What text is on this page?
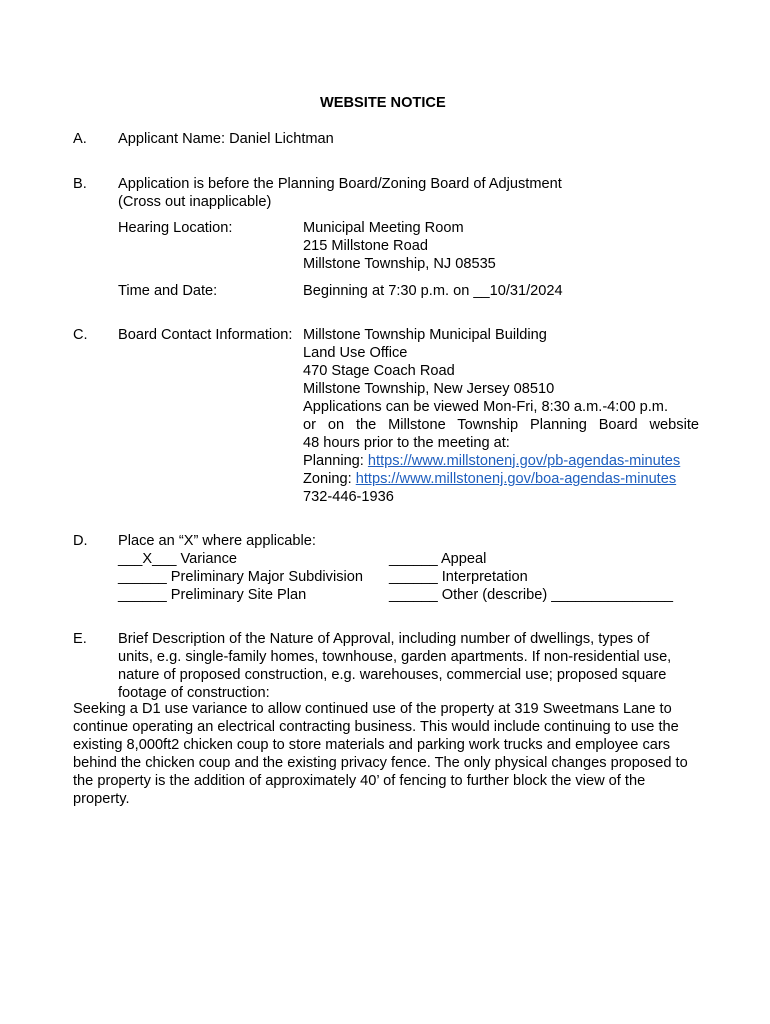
WEBSITE NOTICE
A. Applicant Name: Daniel Lichtman
B. Application is before the Planning Board/Zoning Board of Adjustment
(Cross out inapplicable)
Hearing Location:	Municipal Meeting Room
215 Millstone Road
Millstone Township, NJ 08535
Time and Date:	Beginning at 7:30 p.m. on __10/31/2024
C. Board Contact Information: Millstone Township Municipal Building
Land Use Office
470 Stage Coach Road
Millstone Township, New Jersey 08510
Applications can be viewed Mon-Fri, 8:30 a.m.-4:00 p.m.
or on the Millstone Township Planning Board website
48 hours prior to the meeting at:
Planning: https://www.millstonenj.gov/pb-agendas-minutes
Zoning: https://www.millstonenj.gov/boa-agendas-minutes
732-446-1936
D. Place an “X” where applicable:
___X___ Variance
______ Preliminary Major Subdivision
______ Preliminary Site Plan
______ Appeal
______ Interpretation
______ Other (describe) _______________
E. Brief Description of the Nature of Approval, including number of dwellings, types of
units, e.g. single-family homes, townhouse, garden apartments. If non-residential use,
nature of proposed construction, e.g. warehouses, commercial use; proposed square
footage of construction:
Seeking a D1 use variance to allow continued use of the property at 319 Sweetmans Lane to continue operating an electrical contracting business. This would include continuing to use the existing 8,000ft2 chicken coup to store materials and parking work trucks and employee cars behind the chicken coup and the existing privacy fence. The only physical changes proposed to the property is the addition of approximately 40’ of fencing to further block the view of the property.
